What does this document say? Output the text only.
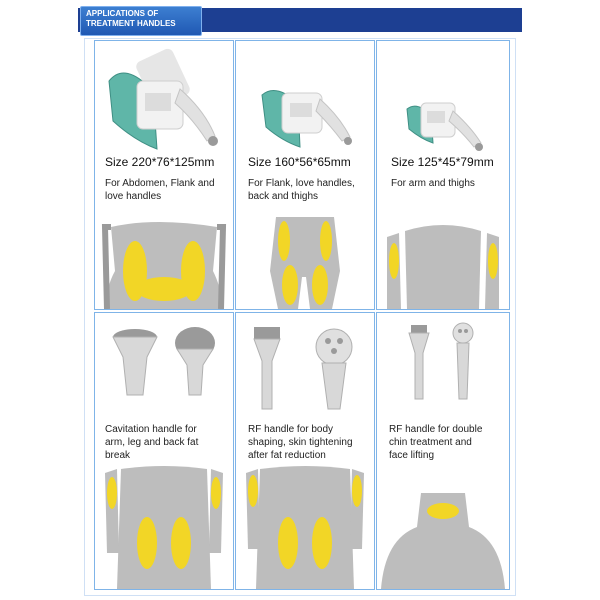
APPLICATIONS OF
TREATMENT HANDLES
Size 220*76*125mm
For Abdomen, Flank and
love handles
Size 160*56*65mm
For Flank, love handles,
back and thighs
Size 125*45*79mm
For arm and thighs
Cavitation handle for
arm, leg and back fat
break
RF handle for body
shaping, skin tightening
after fat reduction
RF handle for double
chin treatment and
face lifting
